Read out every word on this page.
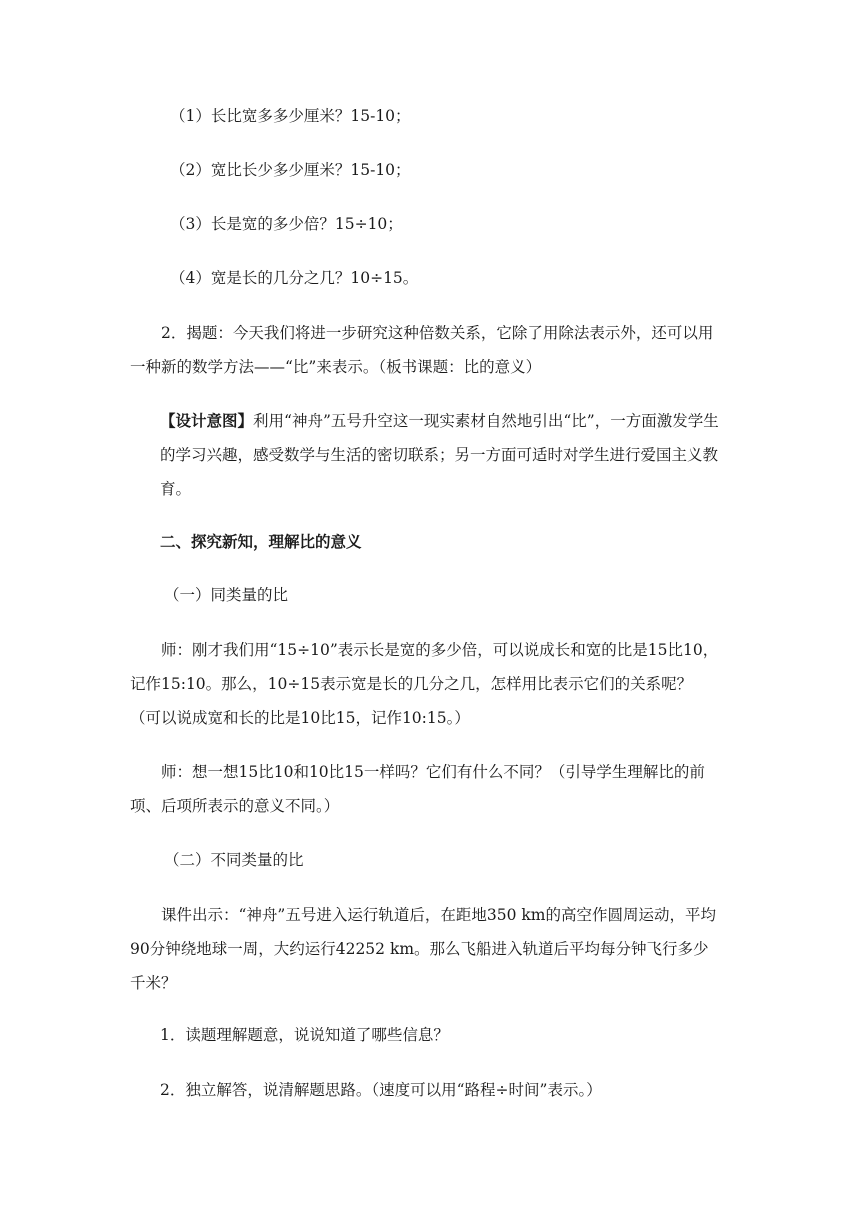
（1）长比宽多多少厘米？15-10；

（2）宽比长少多少厘米？15-10；

（3）长是宽的多少倍？15÷10；

（4）宽是长的几分之几？10÷15。

2．揭题：今天我们将进一步研究这种倍数关系，它除了用除法表示外，还可以用一种新的数学方法——“比”来表示。（板书课题：比的意义）

【设计意图】利用“神舟”五号升空这一现实素材自然地引出“比”，一方面激发学生的学习兴趣，感受数学与生活的密切联系；另一方面可适时对学生进行爱国主义教育。

二、探究新知，理解比的意义

（一）同类量的比

师：刚才我们用“15÷10”表示长是宽的多少倍，可以说成长和宽的比是15比10，记作15:10。那么，10÷15表示宽是长的几分之几，怎样用比表示它们的关系呢？（可以说成宽和长的比是10比15，记作10:15。）

师：想一想15比10和10比15一样吗？它们有什么不同？（引导学生理解比的前项、后项所表示的意义不同。）

（二）不同类量的比

课件出示：“神舟”五号进入运行轨道后，在距地350 km的高空作圆周运动，平均90分钟绕地球一周，大约运行42252 km。那么飞船进入轨道后平均每分钟飞行多少千米？

1．读题理解题意，说说知道了哪些信息？

2．独立解答，说清解题思路。（速度可以用“路程÷时间”表示。）
